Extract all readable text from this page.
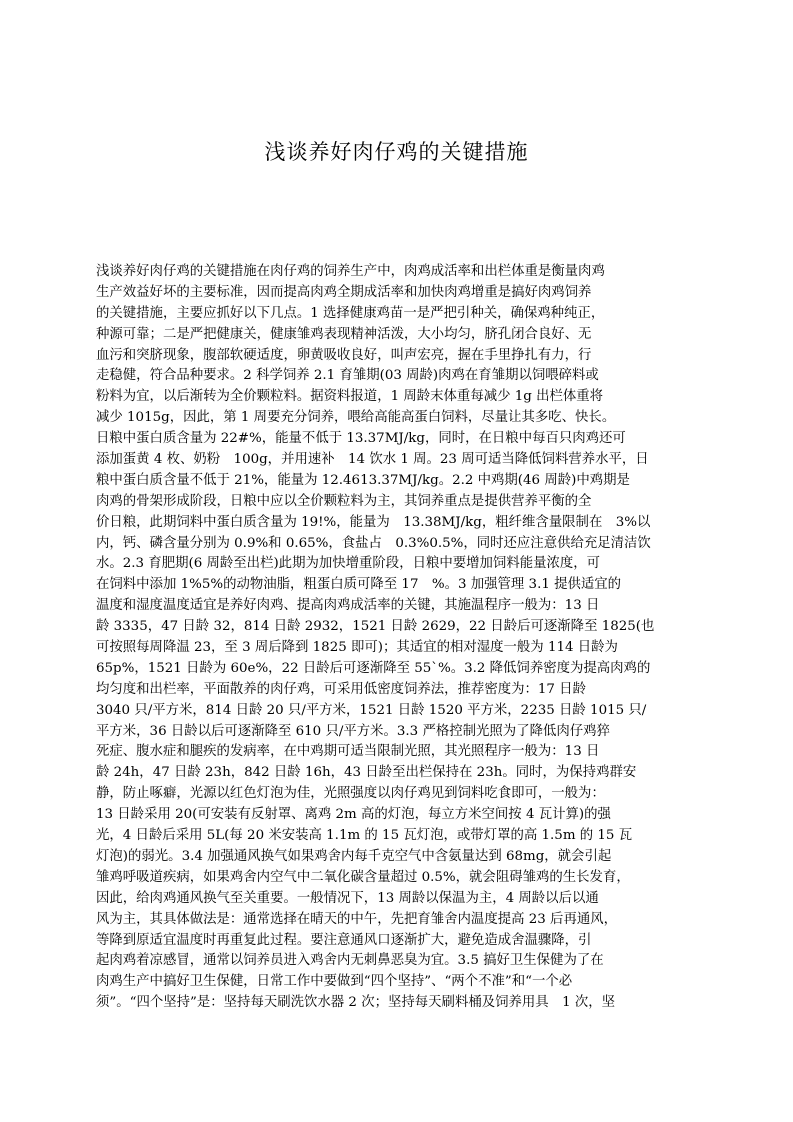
浅谈养好肉仔鸡的关键措施
浅谈养好肉仔鸡的关键措施在肉仔鸡的饲养生产中，肉鸡成活率和出栏体重是衡量肉鸡
生产效益好坏的主要标准，因而提高肉鸡全期成活率和加快肉鸡增重是搞好肉鸡饲养
的关键措施，主要应抓好以下几点。1 选择健康鸡苗一是严把引种关，确保鸡种纯正，
种源可靠；二是严把健康关，健康雏鸡表现精神活泼，大小均匀，脐孔闭合良好、无
血污和突脐现象，腹部软硬适度，卵黄吸收良好，叫声宏亮，握在手里挣扎有力，行
走稳健，符合品种要求。2 科学饲养 2.1 育雏期(03 周龄)肉鸡在育雏期以饲喂碎料或
粉料为宜，以后渐转为全价颗粒料。据资料报道，1 周龄末体重每减少 1g 出栏体重将
减少 1015g，因此，第 1 周要充分饲养，喂给高能高蛋白饲料，尽量让其多吃、快长。
日粮中蛋白质含量为 22#%，能量不低于 13.37MJ/kg，同时，在日粮中每百只肉鸡还可
添加蛋黄 4 枚、奶粉　100g，并用速补　14 饮水 1 周。23 周可适当降低饲料营养水平，日
粮中蛋白质含量不低于 21%，能量为 12.4613.37MJ/kg。2.2 中鸡期(46 周龄)中鸡期是
肉鸡的骨架形成阶段，日粮中应以全价颗粒料为主，其饲养重点是提供营养平衡的全
价日粮，此期饲料中蛋白质含量为 19!%，能量为　13.38MJ/kg，粗纤维含量限制在　3%以
内，钙、磷含量分别为 0.9%和 0.65%，食盐占　0.3%0.5%，同时还应注意供给充足清洁饮
水。2.3 育肥期(6 周龄至出栏)此期为加快增重阶段，日粮中要增加饲料能量浓度，可
在饲料中添加 1%5%的动物油脂，粗蛋白质可降至 17　%。3 加强管理 3.1 提供适宜的
温度和湿度温度适宜是养好肉鸡、提高肉鸡成活率的关键，其施温程序一般为：13 日
龄 3335，47 日龄 32，814 日龄 2932，1521 日龄 2629，22 日龄后可逐渐降至 1825(也
可按照每周降温 23，至 3 周后降到 1825 即可)；其适宜的相对湿度一般为 114 日龄为
65p%，1521 日龄为 60e%，22 日龄后可逐渐降至 55`%。3.2 降低饲养密度为提高肉鸡的
均匀度和出栏率，平面散养的肉仔鸡，可采用低密度饲养法，推荐密度为：17 日龄
3040 只/平方米，814 日龄 20 只/平方米，1521 日龄 1520 平方米，2235 日龄 1015 只/
平方米，36 日龄以后可逐渐降至 610 只/平方米。3.3 严格控制光照为了降低肉仔鸡猝
死症、腹水症和腿疾的发病率，在中鸡期可适当限制光照，其光照程序一般为：13 日
龄 24h，47 日龄 23h，842 日龄 16h，43 日龄至出栏保持在 23h。同时，为保持鸡群安
静，防止啄癖，光源以红色灯泡为佳，光照强度以肉仔鸡见到饲料吃食即可，一般为：
13 日龄采用 20(可安装有反射罩、离鸡 2m 高的灯泡，每立方米空间按 4 瓦计算)的强
光，4 日龄后采用 5L(每 20 米安装高 1.1m 的 15 瓦灯泡，或带灯罩的高 1.5m 的 15 瓦
灯泡)的弱光。3.4 加强通风换气如果鸡舍内每千克空气中含氨量达到 68mg，就会引起
雏鸡呼吸道疾病，如果鸡舍内空气中二氧化碳含量超过 0.5%，就会阻碍雏鸡的生长发育，
因此，给肉鸡通风换气至关重要。一般情况下，13 周龄以保温为主，4 周龄以后以通
风为主，其具体做法是：通常选择在晴天的中午，先把育雏舍内温度提高 23 后再通风，
等降到原适宜温度时再重复此过程。要注意通风口逐渐扩大，避免造成舍温骤降，引
起肉鸡着凉感冒，通常以饲养员进入鸡舍内无刺鼻恶臭为宜。3.5 搞好卫生保健为了在
肉鸡生产中搞好卫生保健，日常工作中要做到“四个坚持”、“两个不准”和“一个必
须”。“四个坚持”是：坚持每天刷洗饮水器 2 次；坚持每天刷料桶及饲养用具　1 次，坚
